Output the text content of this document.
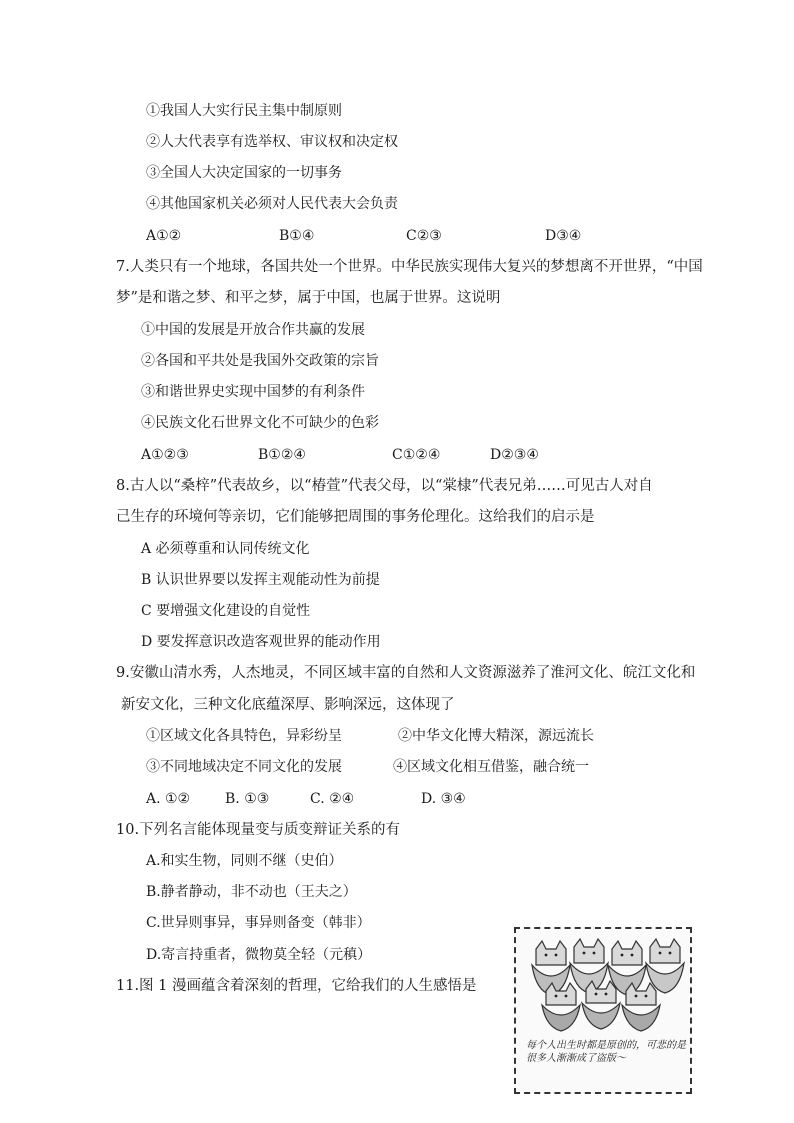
①我国人大实行民主集中制原则
②人大代表享有选举权、审议权和决定权
③全国人大决定国家的一切事务
④其他国家机关必须对人民代表大会负责
A①②	B①④	C②③	D③④
7.人类只有一个地球，各国共处一个世界。中华民族实现伟大复兴的梦想离不开世界，“中国
梦”是和谐之梦、和平之梦，属于中国，也属于世界。这说明
①中国的发展是开放合作共赢的发展
②各国和平共处是我国外交政策的宗旨
③和谐世界史实现中国梦的有利条件
④民族文化石世界文化不可缺少的色彩
A①②③	B①②④	C①②④	D②③④
8.古人以“桑梓”代表故乡，以“椿萱”代表父母，以“棠棣”代表兄弟……可见古人对自
己生存的环境何等亲切，它们能够把周围的事务伦理化。这给我们的启示是
A 必须尊重和认同传统文化
B 认识世界要以发挥主观能动性为前提
C 要增强文化建设的自觉性
D 要发挥意识改造客观世界的能动作用
9.安徽山清水秀，人杰地灵，不同区域丰富的自然和人文资源滋养了淮河文化、皖江文化和
新安文化，三种文化底蕴深厚、影响深远，这体现了
①区域文化各具特色，异彩纷呈	②中华文化博大精深，源远流长
③不同地域决定不同文化的发展	④区域文化相互借鉴，融合统一
A. ①② B. ①③	C. ②④	D. ③④
10.下列名言能体现量变与质变辩证关系的有
A.和实生物，同则不继（史伯）
B.静者静动，非不动也（王夫之）
C.世异则事异，事异则备变（韩非）
D.寄言持重者，微物莫全轻（元稹）
11.图 1 漫画蕴含着深刻的哲理，它给我们的人生感悟是
每个人出生时都是原创的，可悲的是很多人渐渐成了盗版～
